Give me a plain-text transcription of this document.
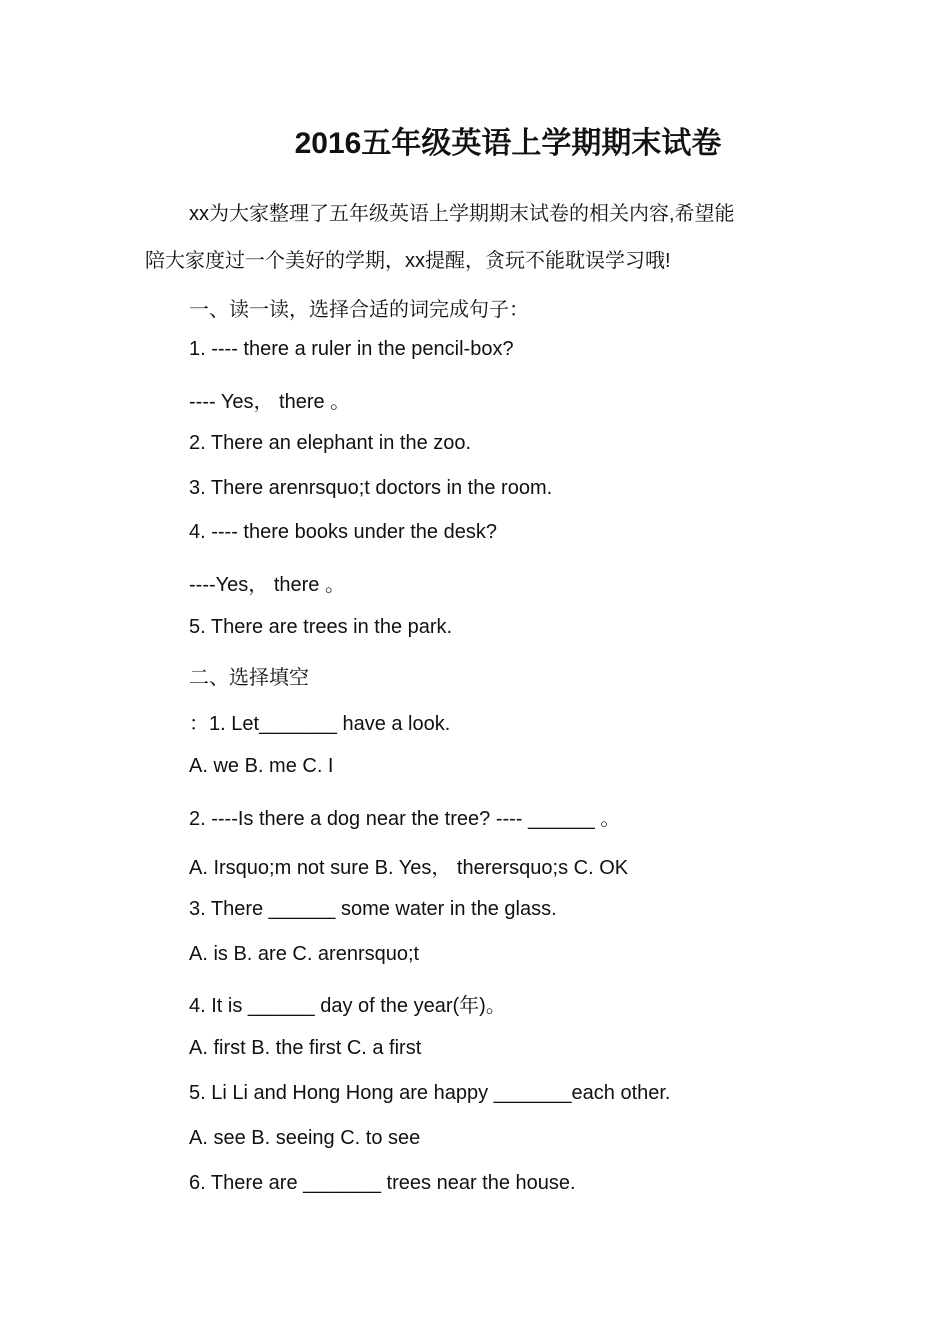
2016五年级英语上学期期末试卷
xx为大家整理了五年级英语上学期期末试卷的相关内容,希望能
陪大家度过一个美好的学期，xx提醒，贪玩不能耽误学习哦!
一、读一读，选择合适的词完成句子：
1. ---- there a ruler in the pencil-box?
---- Yes， there 。
2. There an elephant in the zoo.
3. There arenrsquo;t doctors in the room.
4. ---- there books under the desk?
----Yes， there 。
5. There are trees in the park.
二、选择填空
：1. Let_______ have a look.
A. we B. me C. I
2. ----Is there a dog near the tree? ---- ______ 。
A. Irsquo;m not sure B. Yes， therersquo;s C. OK
3. There ______ some water in the glass.
A. is B. are C. arenrsquo;t
4. It is ______ day of the year(年)。
A. first B. the first C. a first
5. Li Li and Hong Hong are happy _______each other.
A. see B. seeing C. to see
6. There are _______ trees near the house.
